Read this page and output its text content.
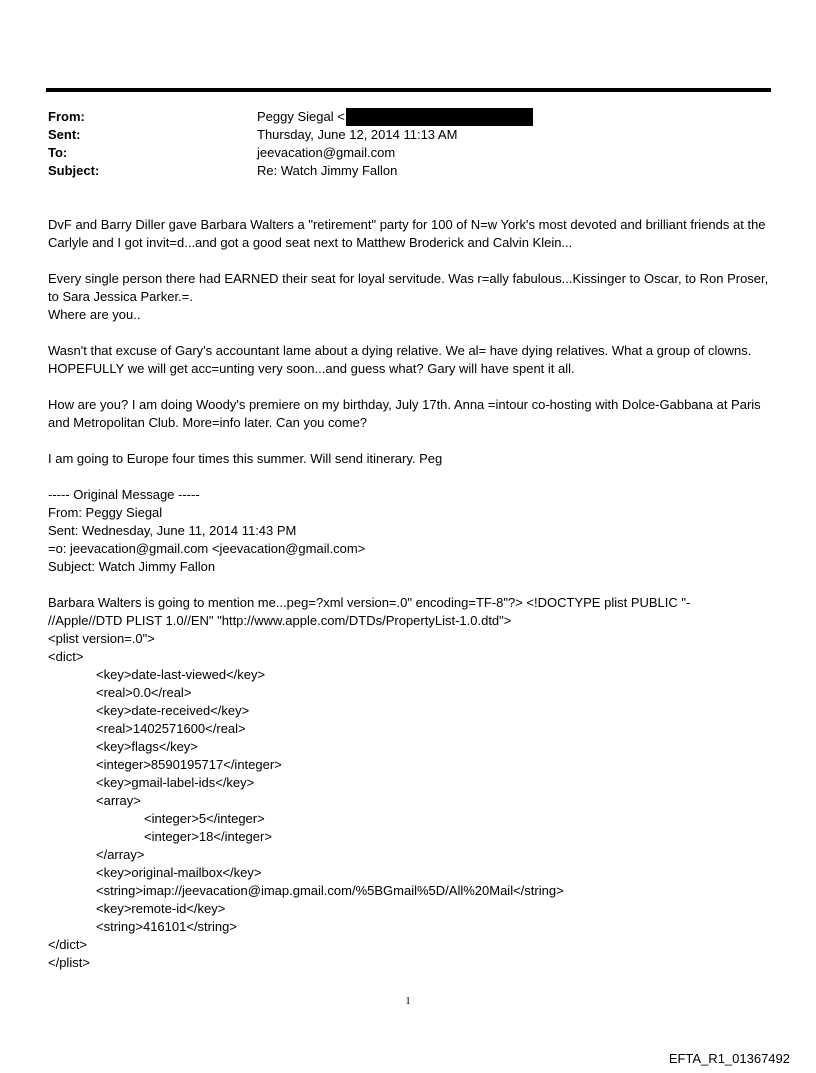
From:	Peggy Siegal <
Sent:	Thursday, June 12, 2014 11:13 AM
To:	jeevacation@gmail.com
Subject:	Re: Watch Jimmy Fallon

DvF and Barry Diller gave Barbara Walters a "retirement" party for 100 of N=w York's most devoted and brilliant friends at the Carlyle and I got invit=d...and got a good seat next to Matthew Broderick and Calvin Klein...

Every single person there had EARNED their seat for loyal servitude. Was r=ally fabulous...Kissinger to Oscar, to Ron Proser, to Sara Jessica Parker.=.

Where are you..

Wasn't that excuse of Gary's accountant lame about a dying relative. We al= have dying relatives. What a group of clowns. HOPEFULLY we will get acc=unting very soon...and guess what? Gary will have spent it all.

How are you? I am doing Woody's premiere on my birthday, July 17th. Anna =intour co-hosting with Dolce-Gabbana at Paris and Metropolitan Club. More=info later. Can you come?

I am going to Europe four times this summer. Will send itinerary. Peg

----- Original Message -----
From: Peggy Siegal
Sent: Wednesday, June 11, 2014 11:43 PM
=o: jeevacation@gmail.com <jeevacation@gmail.com>
Subject: Watch Jimmy Fallon
Barbara Walters is going to mention me...peg=?xml version=.0" encoding=TF-8"?> <!DOCTYPE plist PUBLIC "-
//Apple//DTD PLIST 1.0//EN" "http://www.apple.com/DTDs/PropertyList-1.0.dtd">
<plist version=.0">
<dict>
<key>date-last-viewed</key>
<real>0.0</real>
<key>date-received</key>
<real>1402571600</real>
<key>flags</key>
<integer>8590195717</integer>
<key>gmail-label-ids</key>
<array>
<integer>5</integer>
<integer>18</integer>
</array>
<key>original-mailbox</key>
<string>imap://jeevacation@imap.gmail.com/%5BGmail%5D/All%20Mail</string>
<key>remote-id</key>
<string>416101</string>
</dict>
</plist>
1
EFTA_R1_01367492
